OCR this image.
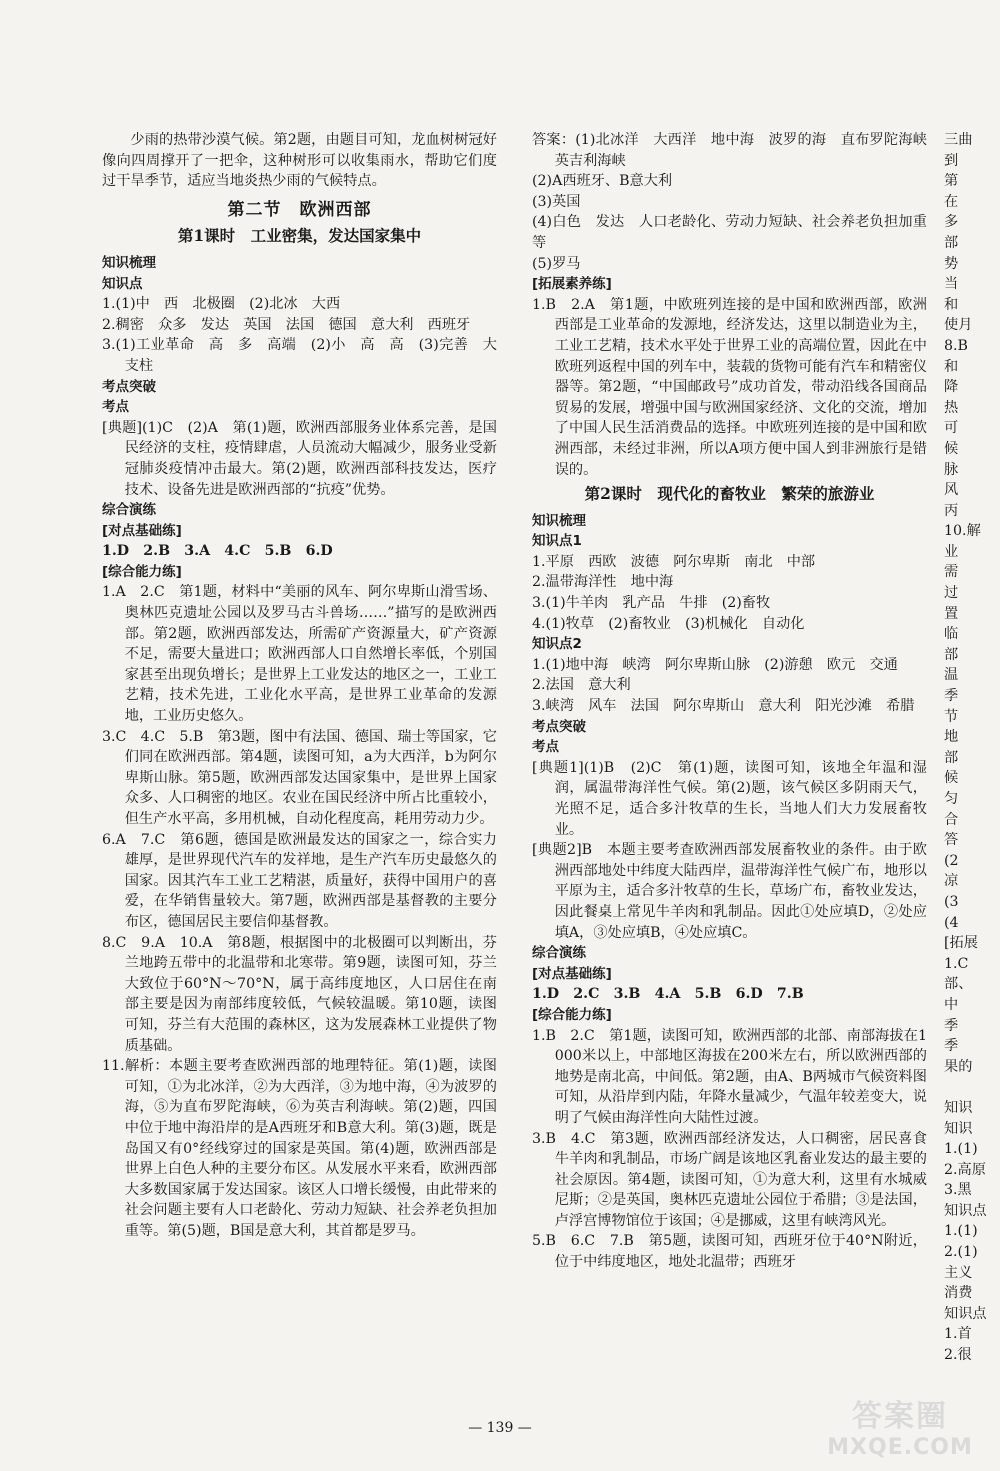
少雨的热带沙漠气候。第2题，由题目可知，龙血树树冠好像向四周撑开了一把伞，这种树形可以收集雨水，帮助它们度过干旱季节，适应当地炎热少雨的气候特点。

第二节　欧洲西部
第1课时　工业密集，发达国家集中

知识梳理

知识点

1.(1)中　西　北极圈　(2)北冰　大西

2.稠密　众多　发达　英国　法国　德国　意大利　西班牙

3.(1)工业革命　高　多　高端　(2)小　高　高　(3)完善　大　支柱

考点突破

考点

[典题](1)C　(2)A　第(1)题，欧洲西部服务业体系完善，是国民经济的支柱，疫情肆虐，人员流动大幅减少，服务业受新冠肺炎疫情冲击最大。第(2)题，欧洲西部科技发达，医疗技术、设备先进是欧洲西部的“抗疫”优势。

综合演练

[对点基础练]

1.D　2.B　3.A　4.C　5.B　6.D

[综合能力练]

1.A　2.C　第1题，材料中“美丽的风车、阿尔卑斯山滑雪场、奥林匹克遗址公园以及罗马古斗兽场……”描写的是欧洲西部。第2题，欧洲西部发达，所需矿产资源量大，矿产资源不足，需要大量进口；欧洲西部人口自然增长率低，个别国家甚至出现负增长；是世界上工业发达的地区之一，工业工艺精，技术先进，工业化水平高，是世界工业革命的发源地，工业历史悠久。

3.C　4.C　5.B　第3题，图中有法国、德国、瑞士等国家，它们同在欧洲西部。第4题，读图可知，a为大西洋，b为阿尔卑斯山脉。第5题，欧洲西部发达国家集中，是世界上国家众多、人口稠密的地区。农业在国民经济中所占比重较小，但生产水平高，多用机械，自动化程度高，耗用劳动力少。

6.A　7.C　第6题，德国是欧洲最发达的国家之一，综合实力雄厚，是世界现代汽车的发祥地，是生产汽车历史最悠久的国家。因其汽车工业工艺精湛，质量好，获得中国用户的喜爱，在华销售量较大。第7题，欧洲西部是基督教的主要分布区，德国居民主要信仰基督教。

8.C　9.A　10.A　第8题，根据图中的北极圈可以判断出，芬兰地跨五带中的北温带和北寒带。第9题，读图可知，芬兰大致位于60°N～70°N，属于高纬度地区，人口居住在南部主要是因为南部纬度较低，气候较温暖。第10题，读图可知，芬兰有大范围的森林区，这为发展森林工业提供了物质基础。

11.解析：本题主要考查欧洲西部的地理特征。第(1)题，读图可知，①为北冰洋，②为大西洋，③为地中海，④为波罗的海，⑤为直布罗陀海峡，⑥为英吉利海峡。第(2)题，四国中位于地中海沿岸的是A西班牙和B意大利。第(3)题，既是岛国又有0°经线穿过的国家是英国。第(4)题，欧洲西部是世界上白色人种的主要分布区。从发展水平来看，欧洲西部大多数国家属于发达国家。该区人口增长缓慢，由此带来的社会问题主要有人口老龄化、劳动力短缺、社会养老负担加重等。第(5)题，B国是意大利，其首都是罗马。

答案：(1)北冰洋　大西洋　地中海　波罗的海　直布罗陀海峡　英吉利海峡

(2)A西班牙、B意大利

(3)英国

(4)白色　发达　人口老龄化、劳动力短缺、社会养老负担加重等

(5)罗马

[拓展素养练]

1.B　2.A　第1题，中欧班列连接的是中国和欧洲西部，欧洲西部是工业革命的发源地，经济发达，这里以制造业为主，工业工艺精，技术水平处于世界工业的高端位置，因此在中欧班列返程中国的列车中，装载的货物可能有汽车和精密仪器等。第2题，“中国邮政号”成功首发，带动沿线各国商品贸易的发展，增强中国与欧洲国家经济、文化的交流，增加了中国人民生活消费品的选择。中欧班列连接的是中国和欧洲西部，未经过非洲，所以A项方便中国人到非洲旅行是错误的。

第2课时　现代化的畜牧业　繁荣的旅游业

知识梳理

知识点1

1.平原　西欧　波德　阿尔卑斯　南北　中部

2.温带海洋性　地中海

3.(1)牛羊肉　乳产品　牛排　(2)畜牧

4.(1)牧草　(2)畜牧业　(3)机械化　自动化

知识点2

1.(1)地中海　峡湾　阿尔卑斯山脉　(2)游憩　欧元　交通

2.法国　意大利

3.峡湾　风车　法国　阿尔卑斯山　意大利　阳光沙滩　希腊

考点突破

考点

[典题1](1)B　(2)C　第(1)题，读图可知，该地全年温和湿润，属温带海洋性气候。第(2)题，该气候区多阴雨天气，光照不足，适合多汁牧草的生长，当地人们大力发展畜牧业。

[典题2]B　本题主要考查欧洲西部发展畜牧业的条件。由于欧洲西部地处中纬度大陆西岸，温带海洋性气候广布，地形以平原为主，适合多汁牧草的生长，草场广布，畜牧业发达，因此餐桌上常见牛羊肉和乳制品。因此①处应填D，②处应填A，③处应填B，④处应填C。

综合演练

[对点基础练]

1.D　2.C　3.B　4.A　5.B　6.D　7.B

[综合能力练]

1.B　2.C　第1题，读图可知，欧洲西部的北部、南部海拔在1 000米以上，中部地区海拔在200米左右，所以欧洲西部的地势是南北高，中间低。第2题，由A、B两城市气候资料图可知，从沿岸到内陆，年降水量减少，气温年较差变大，说明了气候由海洋性向大陆性过渡。

3.B　4.C　第3题，欧洲西部经济发达，人口稠密，居民喜食牛羊肉和乳制品，市场广阔是该地区乳畜业发达的最主要的社会原因。第4题，读图可知，①为意大利，这里有水城威尼斯；②是英国，奥林匹克遗址公园位于希腊；③是法国，卢浮宫博物馆位于该国；④是挪威，这里有峡湾风光。

5.B　6.C　7.B　第5题，读图可知，西班牙位于40°N附近，位于中纬度地区，地处北温带；西班牙

三曲

到

第

在

多

部

势

当

和

使月

8.B

和

降

热

可

候

脉

风

丙

10.解

业

需

过

置

临

部

温

季

节

地

部

候

匀

合

答

(2

凉

(3

(4

[拓展

1.C

部、

中

季

季

果的

知识

知识

1.(1)

2.高原

3.黑

知识点

1.(1)

2.(1)

主义

消费

知识点

1.首

2.很

— 139 —	答案圈
MXQE.COM
